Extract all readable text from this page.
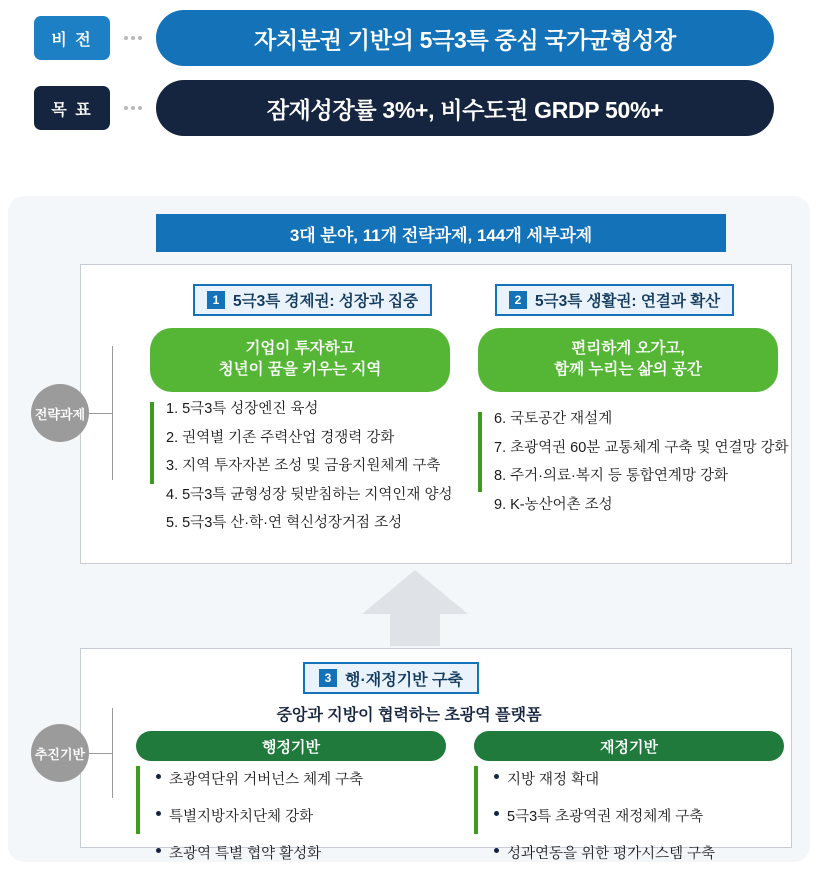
비 전	자치분권 기반의 5극3특 중심 국가균형성장
목 표	잠재성장률 3%+, 비수도권 GRDP 50%+
3대 분야, 11개 전략과제, 144개 세부과제
전략과제
추진기반
1 5극3특 경제권: 성장과 집중
기업이 투자하고
청년이 꿈을 키우는 지역
1. 5극3특 성장엔진 육성
2. 권역별 기존 주력산업 경쟁력 강화
3. 지역 투자자본 조성 및 금융지원체계 구축
4. 5극3특 균형성장 뒷받침하는 지역인재 양성
5. 5극3특 산·학·연 혁신성장거점 조성
2 5극3특 생활권: 연결과 확산
편리하게 오가고,
함께 누리는 삶의 공간
6. 국토공간 재설계
7. 초광역권 60분 교통체계 구축 및 연결망 강화
8. 주거·의료·복지 등 통합연계망 강화
9. K-농산어촌 조성
3 행·재정기반 구축
중앙과 지방이 협력하는 초광역 플랫폼
행정기반
초광역단위 거버넌스 체계 구축
특별지방자치단체 강화
초광역 특별 협약 활성화
재정기반
지방 재정 확대
5극3특 초광역권 재정체계 구축
성과연동을 위한 평가시스템 구축
